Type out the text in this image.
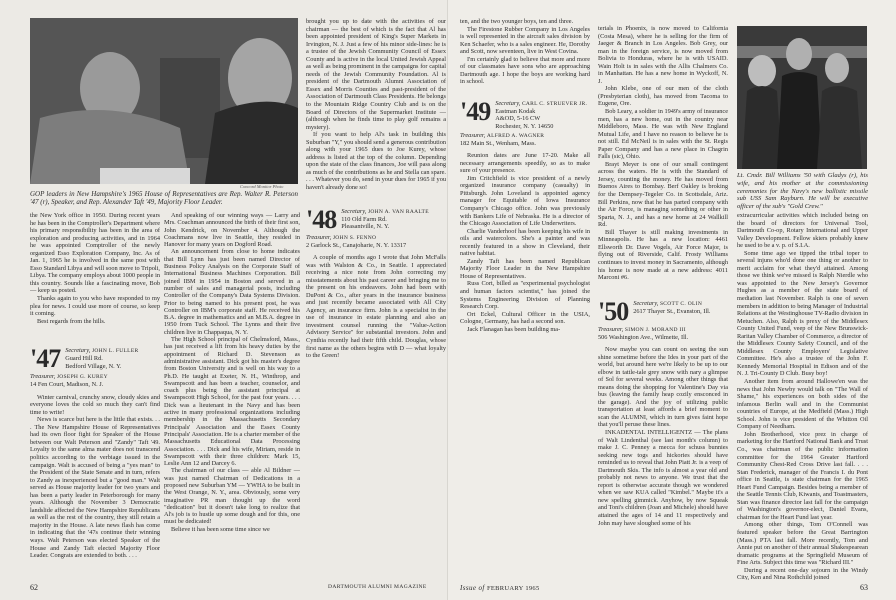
Concord Monitor Photo
GOP leaders in New Hampshire's 1965 House of Representatives are Rep. Walter R. Peterson '47 (r), Speaker, and Rep. Alexander Taft '49, Majority Floor Leader.

the New York office in 1950. During recent years he has been in the Comptroller's Department where his primary responsibility has been in the area of exploration and producing activities, and in 1964 he was appointed Comptroller of the newly organized Esso Exploration Company, Inc. As of Jan. 1, 1965 he is involved in the same post with Esso Standard Libya and will soon move to Tripoli, Libya. The company employs about 1000 people in this country. Sounds like a fascinating move, Bob — keep us posted.

Thanks again to you who have responded to my plea for news. I could use more of course, so keep it coming.

Best regards from the hills.

'47 Secretary, JOHN L. FULLER
Guard Hill Rd.
Bedford Village, N. Y.
Treasurer, JOSEPH G. KUREY
14 Fen Court, Madison, N. J.

Winter carnival, crunchy snow, cloudy skies and everyone loves the cold so much they can't find time to write!

News is scarce but here is the little that exists. . . . The New Hampshire House of Representatives had its own floor fight for Speaker of the House between our Walt Peterson and "Zandy" Taft '49. Loyalty to the same alma mater does not transcend politics according to the verbiage issued in the campaign. Walt is accused of being a "yes man" to the President of the State Senate and in turn, refers to Zandy as inexperienced but a "good man." Walt served as House majority leader for two years and has been a party leader in Peterborough for many years. Although the November 3 Democratic landslide affected the New Hampshire Republicans as well as the rest of the country, they still retain a majority in the House. A late news flash has come in indicating that the '47s continue their winning ways. Walt Peterson was elected Speaker of the House and Zandy Taft elected Majority Floor Leader. Congrats are extended to both. . . .

And speaking of our winning ways — Larry and Mrs. Coachman announced the birth of their first son, John Kendrick, on November 4. Although the Coachmans now live in Seattle, they resided in Hanover for many years on Dogford Road.

An announcement from close to home indicates that Bill Lynn has just been named Director of Business Policy Analysis on the Corporate Staff of International Business Machines Corporation. Bill joined IBM in 1954 in Boston and served in a number of sales and managerial posts, including Controller of the Company's Data Systems Division. Prior to being named to his present post, he was Controller on IBM's corporate staff. He received his B.A. degree in mathematics and an M.B.A. degree in 1950 from Tuck School. The Lynns and their five children live in Chappaqua, N. Y.

The High School principal of Chelmsford, Mass., has just received a lift from his heavy duties by the appointment of Richard D. Stevenson as administrative assistant. Dick got his master's degree from Boston University and is well on his way to a Ph.D. He taught at Exeter, N. H., Winthrop, and Swampscott and has been a teacher, counselor, and coach plus being the assistant principal at Swampscott High School, for the past four years. . . . Dick was a lieutenant in the Navy and has been active in many professional organizations including membership in the Massachusetts Secondary Principals' Association and the Essex County Principals' Association. He is a charter member of the Massachusetts Educational Data Processing Association. . . . Dick and his wife, Miriam, reside in Swampscott with their three children: Mark 15, Leslie Ann 12 and Darcey 6.

The chairman of our class — able Al Bildner — was just named Chairman of Dedications in a proposed new Suburban YM — YWHA to be built in the West Orange, N. Y., area. Obviously, some very imaginative PR man thought up the word "dedication" but it doesn't take long to realize that Al's job is to hustle up some dough and for this, one must be dedicated!

Believe it has been some time since we

brought you up to date with the activities of our chairman — the best of which is the fact that Al has been appointed president of King's Super Markets in Irvington, N. J. Just a few of his minor side-lines: he is a trustee of the Jewish Community Council of Essex County and is active in the local United Jewish Appeal as well as being prominent in the campaigns for capital needs of the Jewish Community Foundation. Al is president of the Dartmouth Alumni Association of Essex and Morris Counties and past-president of the Association of Dartmouth Class Presidents. He belongs to the Mountain Ridge Country Club and is on the Board of Directors of the Supermarket Institute — (although when he finds time to play golf remains a mystery).

If you want to help Al's task in building this Suburban "Y," you should send a generous contribution along with your 1965 dues to Joe Kurey, whose address is listed at the top of the column. Depending upon the state of the class finances, Joe will pass along as much of the contributions as he and Stella can spare. . . . Whatever you do, send in your dues for 1965 if you haven't already done so!

'48 Secretary, JOHN A. VAN RAALTE
110 Old Farm Rd.
Pleasantville, N. Y.
Treasurer, JOHN S. FENNO
2 Garlock St., Canajoharie, N. Y. 13317

A couple of months ago I wrote that John McFalls was with Walston & Co., in Seattle. I appreciated receiving a nice note from John correcting my misstatements about his past career and bringing me to the present on his endeavors. John had been with DuPont & Co., after years in the insurance business and just recently became associated with All City Agency, an insurance firm. John is a specialist in the use of insurance in estate planning and also an investment counsel running the "Value-Action Advisory Service" for substantial investors. John and Cynthia recently had their fifth child. Douglas, whose first name as the others begins with D — what loyalty to the Green!

62	DARTMOUTH ALUMNI MAGAZINE

ten, and the two younger boys, ten and three.

The Firestone Rubber Company in Los Angeles is well represented in the aircraft sales division by Ken Schaefer, who is a sales engineer. He, Dorothy and Scott, now seventeen, live in West Covina.

I'm certainly glad to believe that more and more of our classmates have sons who are approaching Dartmouth age. I hope the boys are working hard in school.

'49 Secretary, CARL C. STRUEVER JR.
Eastman Kodak
A&OD, 5-16 CW
Rochester, N. Y. 14650
Treasurer, ALFRED A. WAGNER
182 Main St., Wenham, Mass.

Reunion dates are June 17-20. Make all necessary arrangements speedily, so as to make sure of your presence.

Jim Critchfield is vice president of a newly organized insurance company (casualty) in Pittsburgh. John Loveland is appointed agency manager for Equitable of Iowa Insurance Company's Chicago office. John was previously with Bankers Life of Nebraska. He is a director of the Chicago Association of Life Underwriters.

Charlie Vanderhoof has been keeping his wife in oils and watercolors. She's a painter and was recently featured in a show in Cleveland, their native habitat.

Zandy Taft has been named Republican Majority Floor Leader in the New Hampshire House of Representatives.

Russ Cort, billed as "experimental psychologist and human factors scientist," has joined the Systems Engineering Division of Planning Research Corp.

Ort Eckel, Cultural Officer in the USIA, Cologne, Germany, has had a second son.

Jack Flanagan has been building ma-

terials in Phoenix, is now moved to California (Costa Mesa), where he is selling for the firm of Jaeger & Branch in Los Angeles. Bob Grey, our man in the foreign service, is now moved from Bolivia to Honduras, where he is with USAID. Wain Holt is in sales with the Allis Chalmers Co. in Manhattan. He has a new home in Wyckoff, N. J.

John Klebe, one of our men of the cloth (Presbyterian cloth), has moved from Tacoma to Eugene, Ore.

Bob Leary, a soldier in 1949's army of insurance men, has a new home, out in the country near Middleboro, Mass. He was with New England Mutual Life, and I have no reason to believe he is not still. Ed McNeil is in sales with the St. Regis Paper Company and has a new place in Chagrin Falls (sic), Ohio.

Brayt Meyer is one of our small contingent across the waters. He is with the Standard of Jersey, counting the money. He has moved from Buenos Aires to Bombay. Berf Oakley is broking for the Dempsey-Tegeler Co. in Scottsdale, Ariz. Bill Perkins, now that he has parted company with the Air Force, is managing something or other in Sparta, N. J., and has a new home at 24 Wallkill Rd.

Bill Thayer is still making investments in Minneapolis. He has a new location: 4461 Ellsworth Dr. Dave Vogels, Air Force Major, is flying out of Riverside, Calif. Frosty Williams continues to invest money in Sacramento, although his home is now made at a new address: 4011 Marconi #6.

'50 Secretary, SCOTT C. OLIN
2617 Thayer St., Evanston, Ill.
Treasurer, SIMON J. MORAND III
506 Washington Ave., Wilmette, Ill.

Now maybe you can count on seeing the sun shine sometime before the Ides in your part of the world, but around here we're likely to be up to our elbow in tattle-tale grey snow with nary a glimpse of Sol for several weeks. Among other things that means doing the shopping for Valentine's Day via bus (leaving the family heap cozily ensconced in the garage). And the joy of utilizing public transportation at least affords a brief moment to scan the ALUMNI, which in turn gives faint hope that you'll peruse these lines.

INKADENTAL INTELLIGENTZ — The plans of Walt Lindenthal (see last month's column) to make J. C. Penney a mecca for schuss bunnies seeking new togs and hickories should have reminded us to reveal that John Piatt Jr. is a veep of Dartmouth Skis. The info is almost a year old and probably not news to anyone. We trust that the report is otherwise accurate though we wondered when we saw KUA called "Kimbel." Maybe it's a new spelling gimmick. Anyhow, by now Squeak and Toni's children (Joan and Michele) should have attained the ages of 14 and 11 respectively and John may have sloughed some of his

Lt. Cmdr. Bill Williams '50 with Gladys (r), his wife, and his mother at the commissioning ceremonies for the Navy's new ballistic missile sub USS Sam Rayburn. He will be executive officer of the sub's "Gold Crew."

extracurricular activities which included being on the board of directors for Universal Tool, Dartmouth Co-op, Rotary International and Upper Valley Development. Fellow skiers probably knew he used to be a v. p. of S.I.A.

Some time ago we tipped the tribal toper to several injuns who'd done one thing or another to merit acclaim for what they'd attained. Among those we think we've missed is Ralph Nierdle who was appointed to the New Jersey's Governor Hughes as a member of the state board of mediation last November. Ralph is one of seven members in addition to being Manager of Industrial Relations at the Westinghouse TV-Radio division in Metuchen. Also, Ralph is prexy of the Middlesex County United Fund, veep of the New Brunswick-Raritan Valley Chamber of Commerce, a director of the Middlesex County Safety Council, and of the Middlesex County Employers' Legislative Committee. He's also a trustee of the John F. Kennedy Memorial Hospital in Edison and of the N. J. Tri-County D Club. Busy boy!

Another item from around Hallowe'en was the news that John Newby would talk on "The Wall of Shame," his experiences on both sides of the infamous Berlin wall and in the Communist countries of Europe, at the Medfield (Mass.) High School. John is vice president of the Whitton Oil Company of Needham.

John Brotherhood, vice prez in charge of marketing for the Hartford National Bank and Trust Co., was chairman of the public information committee for the 1964 Greater Hartford Community Chest-Red Cross Drive last fall. . . . Stan Frederick, manager of the Francis I. du Pont office in Seattle, is state chairman for the 1965 Heart Fund Campaign. Besides being a member of the Seattle Tennis Club, Kiwanis, and Toastmasters, Stan was finance director last fall for the campaign of Washington's governor-elect, Daniel Evans, chairman for the Heart Fund last year.

Among other things, Tom O'Connell was featured speaker before the Great Barrington (Mass.) PTA last fall. More recently, Tom and Annie put on another of their annual Shakespearean dramatic programs at the Springfield Museum of Fine Arts. Subject this time was "Richard III."

During a recent one-day sojourn in the Windy City, Ken and Nina Rothchild joined

Issue of FEBRUARY 1965	63
